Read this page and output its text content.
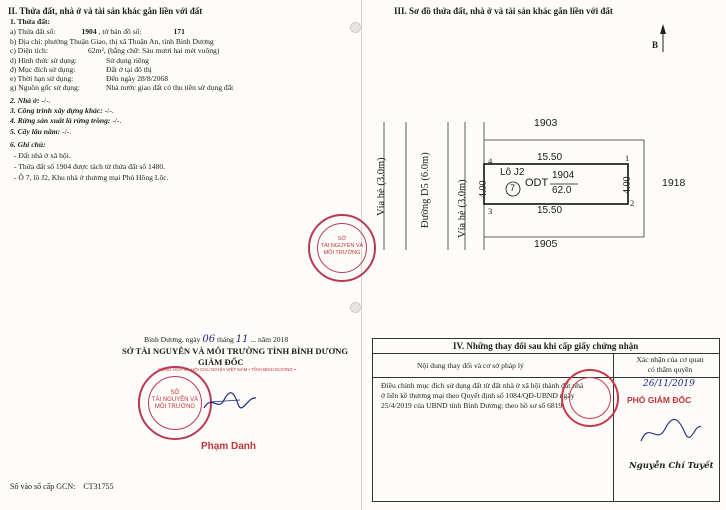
II. Thửa đất, nhà ở và tài sản khác gắn liền với đất
1. Thửa đất:
a) Thửa đất số:	1904 , tờ bản đồ số:	171
b) Địa chỉ: phường Thuận Giao, thị xã Thuận An, tỉnh Bình Dương
c) Diện tích:	62m², (bằng chữ: Sáu mươi hai mét vuông)
d) Hình thức sử dụng:	Sử dụng riêng
đ) Mục đích sử dụng:	Đất ở tại đô thị
e) Thời hạn sử dụng:	Đến ngày 28/8/2068
g) Nguồn gốc sử dụng:	Nhà nước giao đất có thu tiền sử dụng đất
2. Nhà ở: -/-.
3. Công trình xây dựng khác: -/-.
4. Rừng sản xuất là rừng trồng: -/-.
5. Cây lâu năm: -/-.
6. Ghi chú:
- Đất nhà ở xã hội.
- Thửa đất số 1904 được tách từ thửa đất số 1480.
- Ô 7, lô J2, Khu nhà ở thương mại Phú Hồng Lộc.
Bình Dương, ngày 06 tháng 11 ... năm 2018
SỞ TÀI NGUYÊN VÀ MÔI TRƯỜNG TỈNH BÌNH DƯƠNG
GIÁM ĐỐC
SỞ
TÀI NGUYÊN VÀ
MÔI TRƯỜNG
CỘNG HÒA XÃ HỘI CHỦ NGHĨA VIỆT NAM • TỈNH BÌNH DƯƠNG •
Phạm Danh
Số vào sổ cấp GCN: CT31755
III. Sơ đồ thửa đất, nhà ở và tài sản khác gắn liền với đất
Vỉa hè (3.0m)	Đường D5 (6.0m) Vỉa hè (3.0m) 4.00	4.00
1903
1905
1918
B
15.50
15.50
Lô J2
7 ODT
1904
62.0
4	1
3
2
SỞ
TÀI NGUYÊN VÀ
MÔI TRƯỜNG
IV. Những thay đổi sau khi cấp giấy chứng nhận
Nội dung thay đổi và cơ sở pháp lý
Xác nhận của cơ quan
có thẩm quyền
Điều chỉnh mục đích sử dụng đất từ đất nhà ở xã hội thành đất nhà
ở liên kề thương mại theo Quyết định số 1084/QĐ-UBND ngày
25/4/2019 của UBND tỉnh Bình Dương; theo hồ sơ số 6819.
26/11/2019
PHÓ GIÁM ĐỐC
Nguyễn Chí Tuyết
